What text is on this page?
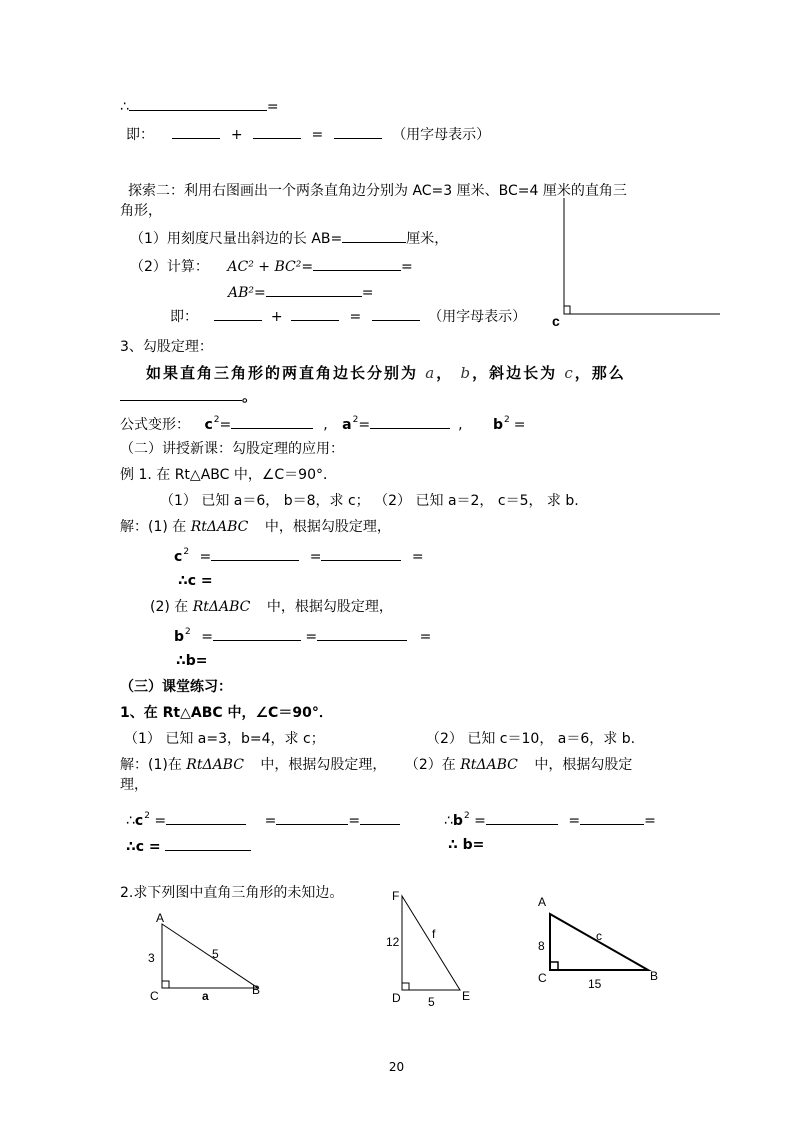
∴	=
即：	+	=	（用字母表示）
探索二：利用右图画出一个两条直角边分别为 AC=3 厘米、BC=4 厘米的直角三
角形，
（1）用刻度尺量出斜边的长 AB=	厘米，
（2）计算： AC² + BC²=	=
AB²=	=
即：	+	=	（用字母表示） c
3、勾股定理：
如果直角三角形的两直角边长分别为 a， b，斜边长为 c，那么
。
公式变形： $c^2=$	, $a^2=$	, $b^2$ =
（二）讲授新课：勾股定理的应用：
例 1. 在 Rt△ABC 中，∠C＝90°．
（1） 已知 a＝6， b＝8，求 c； （2） 已知 a＝2， c＝5， 求 b.
解：(1) 在 RtΔABC 中，根据勾股定理，
$c^2$ =	=	=
∴c =
(2) 在 RtΔABC 中，根据勾股定理，
$b^2$ =	=	=
∴b=
（三）课堂练习：
1、在 Rt△ABC 中，∠C＝90°．
（1） 已知 a=3，b=4，求 c；	（2） 已知 c＝10， a＝6，求 b.
解：(1)在 RtΔABC 中，根据勾股定理， （2）在 RtΔABC 中，根据勾股定
理，
$\therefore c^2$ =	=	=	$\therefore b^2$ =	=	=
∴c =	∴ b=
2.求下列图中直角三角形的未知边。
A
B
C
3	5
a
F
D	E
12
f
5
A
B
C
8
c
15
20
